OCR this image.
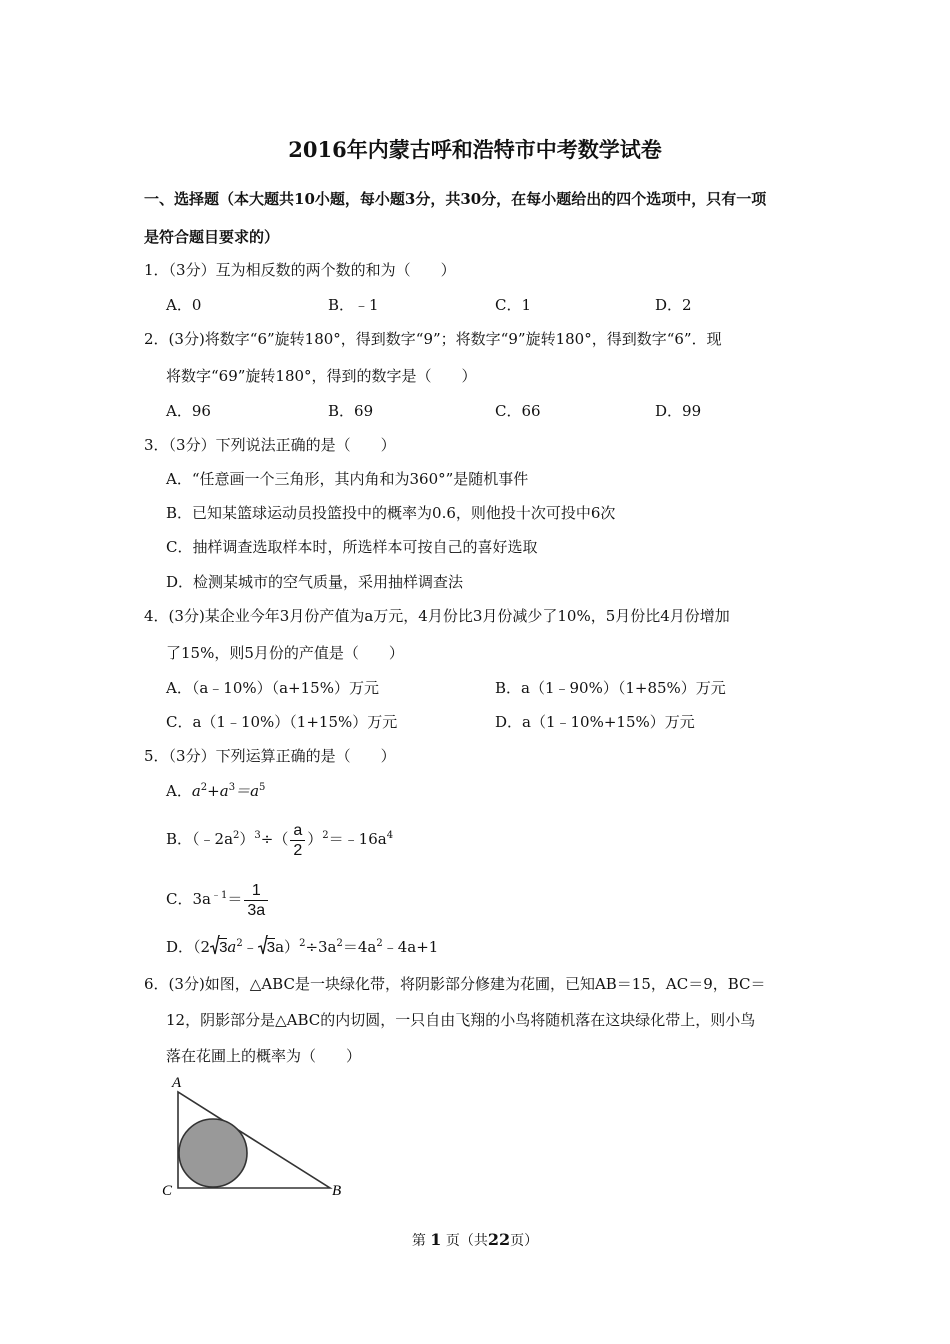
2016年内蒙古呼和浩特市中考数学试卷
一、选择题（本大题共10小题，每小题3分，共30分，在每小题给出的四个选项中，只有一项
是符合题目要求的）
1．（3分）互为相反数的两个数的和为（　　）
A．0	B．﹣1	C．1	D．2
2．(3分)将数字“6”旋转180°，得到数字“9”；将数字“9”旋转180°，得到数字“6”．现
将数字“69”旋转180°，得到的数字是（　　）
A．96	B．69	C．66	D．99
3．（3分）下列说法正确的是（　　）
A．“任意画一个三角形，其内角和为360°”是随机事件
B．已知某篮球运动员投篮投中的概率为0.6，则他投十次可投中6次
C．抽样调查选取样本时，所选样本可按自己的喜好选取
D．检测某城市的空气质量，采用抽样调查法
4．(3分)某企业今年3月份产值为a万元，4月份比3月份减少了10%，5月份比4月份增加
了15%，则5月份的产值是（　　）
A．（a﹣10%）（a+15%）万元	B．a（1﹣90%）（1+85%）万元
C．a（1﹣10%）（1+15%）万元	D．a（1﹣10%+15%）万元
5．（3分）下列运算正确的是（　　）
A．$a^2+a^3=a^5$
B．$(﹣2a^2)^3\div( \frac{a}{2}$ ）$^2=﹣16a^4$
C．$3a^{﹣1}= \frac{1}{3a}$
D．（2 $3a^2﹣$ $3a)^2\div 3a^2=4a^2﹣4a+1$
6．(3分)如图，△ABC是一块绿化带，将阴影部分修建为花圃，已知AB＝15，AC＝9，BC＝
12，阴影部分是△ABC的内切圆，一只自由飞翔的小鸟将随机落在这块绿化带上，则小鸟
落在花圃上的概率为（　　）
A
C	B
第 1 页（共22页）
